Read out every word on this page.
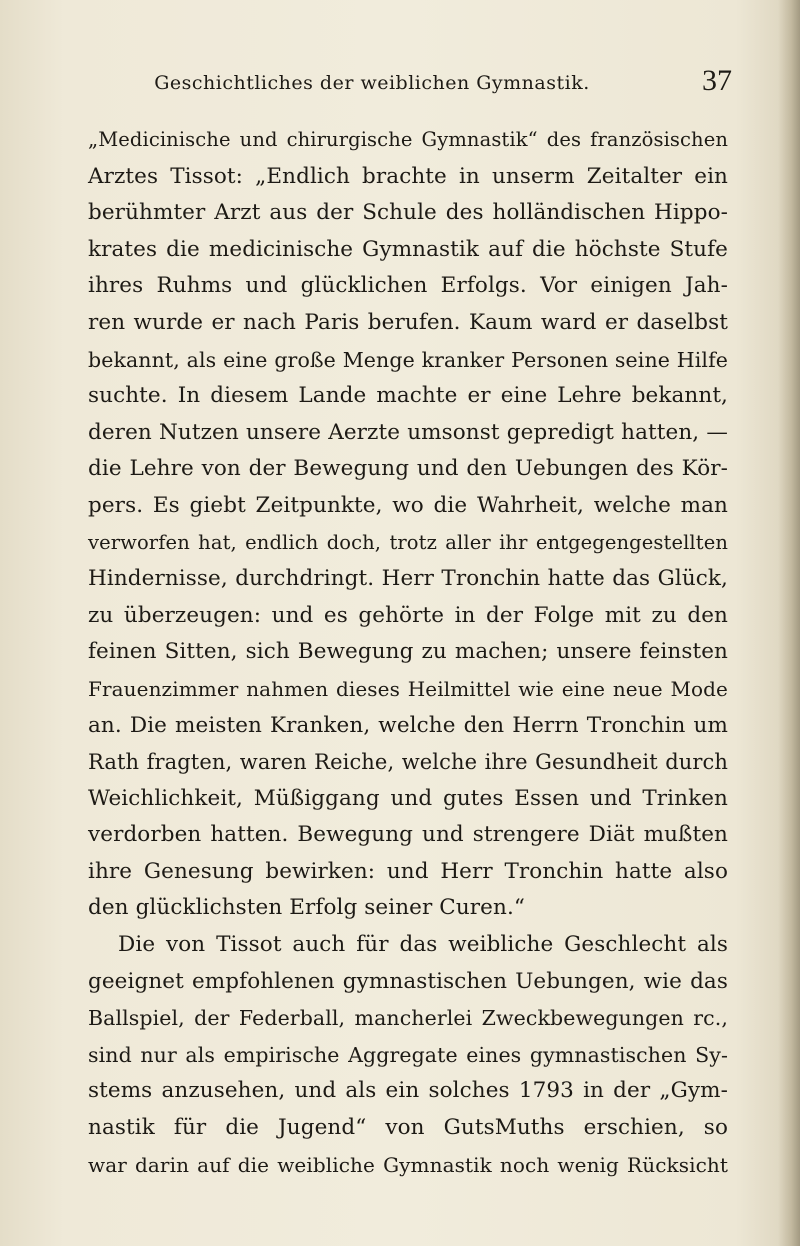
Geschichtliches der weiblichen Gymnastik.	37
„Medicinische und chirurgische Gymnastik“ des französischen
Arztes Tissot: „Endlich brachte in unserm Zeitalter ein
berühmter Arzt aus der Schule des holländischen Hippo-
krates die medicinische Gymnastik auf die höchste Stufe
ihres Ruhms und glücklichen Erfolgs. Vor einigen Jah-
ren wurde er nach Paris berufen. Kaum ward er daselbst
bekannt, als eine große Menge kranker Personen seine Hilfe
suchte. In diesem Lande machte er eine Lehre bekannt,
deren Nutzen unsere Aerzte umsonst gepredigt hatten, —
die Lehre von der Bewegung und den Uebungen des Kör-
pers. Es giebt Zeitpunkte, wo die Wahrheit, welche man
verworfen hat, endlich doch, trotz aller ihr entgegengestellten
Hindernisse, durchdringt. Herr Tronchin hatte das Glück,
zu überzeugen: und es gehörte in der Folge mit zu den
feinen Sitten, sich Bewegung zu machen; unsere feinsten
Frauenzimmer nahmen dieses Heilmittel wie eine neue Mode
an. Die meisten Kranken, welche den Herrn Tronchin um
Rath fragten, waren Reiche, welche ihre Gesundheit durch
Weichlichkeit, Müßiggang und gutes Essen und Trinken
verdorben hatten. Bewegung und strengere Diät mußten
ihre Genesung bewirken: und Herr Tronchin hatte also
den glücklichsten Erfolg seiner Curen.“
Die von Tissot auch für das weibliche Geschlecht als
geeignet empfohlenen gymnastischen Uebungen, wie das
Ballspiel, der Federball, mancherlei Zweckbewegungen rc.,
sind nur als empirische Aggregate eines gymnastischen Sy-
stems anzusehen, und als ein solches 1793 in der „Gym-
nastik für die Jugend“ von GutsMuths erschien, so
war darin auf die weibliche Gymnastik noch wenig Rücksicht
